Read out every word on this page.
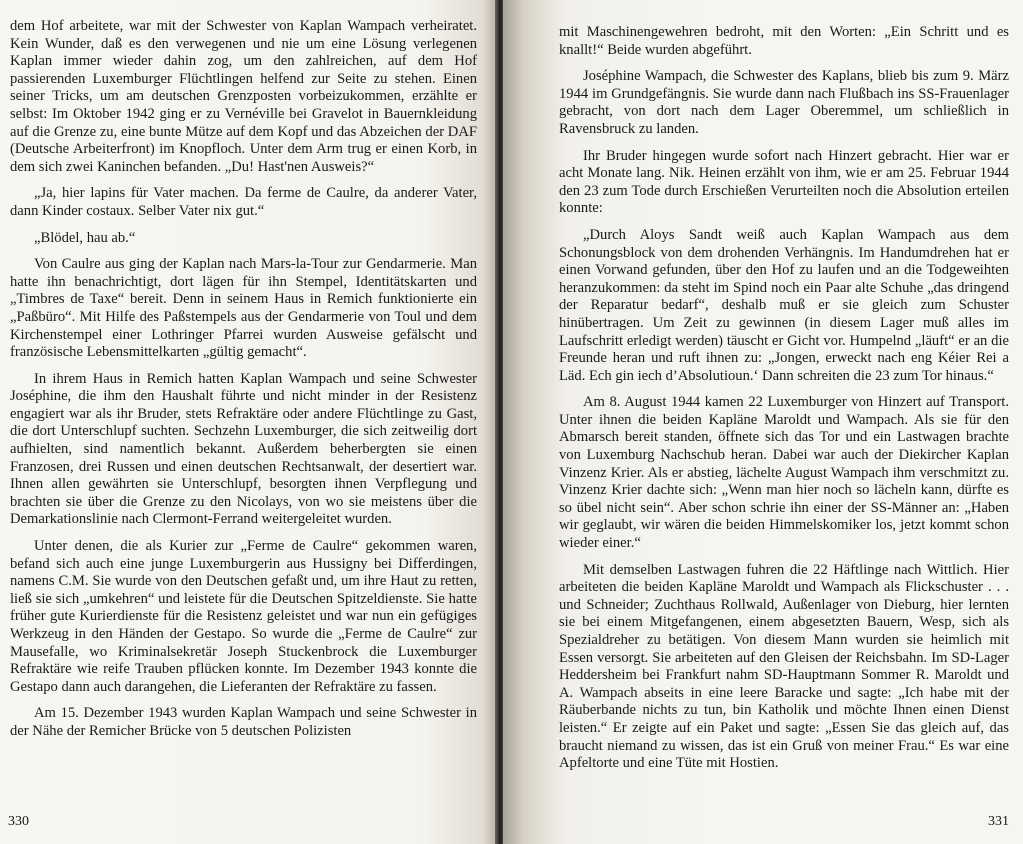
dem Hof arbeitete, war mit der Schwester von Kaplan Wampach verheiratet. Kein Wunder, daß es den verwegenen und nie um eine Lösung verlegenen Kaplan immer wieder dahin zog, um den zahlreichen, auf dem Hof passierenden Luxemburger Flüchtlingen helfend zur Seite zu stehen. Einen seiner Tricks, um am deutschen Grenzposten vorbeizukommen, erzählte er selbst: Im Oktober 1942 ging er zu Vernéville bei Gravelot in Bauernkleidung auf die Grenze zu, eine bunte Mütze auf dem Kopf und das Abzeichen der DAF (Deutsche Arbeiterfront) im Knopfloch. Unter dem Arm trug er einen Korb, in dem sich zwei Kaninchen befanden. „Du! Hast'nen Ausweis?“

„Ja, hier lapins für Vater machen. Da ferme de Caulre, da anderer Vater, dann Kinder costaux. Selber Vater nix gut.“

„Blödel, hau ab.“

Von Caulre aus ging der Kaplan nach Mars-la-Tour zur Gendarmerie. Man hatte ihn benachrichtigt, dort lägen für ihn Stempel, Identitätskarten und „Timbres de Taxe“ bereit. Denn in seinem Haus in Remich funktionierte ein „Paßbüro“. Mit Hilfe des Paßstempels aus der Gendarmerie von Toul und dem Kirchenstempel einer Lothringer Pfarrei wurden Ausweise gefälscht und französische Lebensmittelkarten „gültig gemacht“.

In ihrem Haus in Remich hatten Kaplan Wampach und seine Schwester Joséphine, die ihm den Haushalt führte und nicht minder in der Resistenz engagiert war als ihr Bruder, stets Refraktäre oder andere Flüchtlinge zu Gast, die dort Unterschlupf suchten. Sechzehn Luxemburger, die sich zeitweilig dort aufhielten, sind namentlich bekannt. Außerdem beherbergten sie einen Franzosen, drei Russen und einen deutschen Rechtsanwalt, der desertiert war. Ihnen allen gewährten sie Unterschlupf, besorgten ihnen Verpflegung und brachten sie über die Grenze zu den Nicolays, von wo sie meistens über die Demarkationslinie nach Clermont-Ferrand weitergeleitet wurden.

Unter denen, die als Kurier zur „Ferme de Caulre“ gekommen waren, befand sich auch eine junge Luxemburgerin aus Hussigny bei Differdingen, namens C.M. Sie wurde von den Deutschen gefaßt und, um ihre Haut zu retten, ließ sie sich „umkehren“ und leistete für die Deutschen Spitzeldienste. Sie hatte früher gute Kurierdienste für die Resistenz geleistet und war nun ein gefügiges Werkzeug in den Händen der Gestapo. So wurde die „Ferme de Caulre“ zur Mausefalle, wo Kriminalsekretär Joseph Stuckenbrock die Luxemburger Refraktäre wie reife Trauben pflücken konnte. Im Dezember 1943 konnte die Gestapo dann auch darangehen, die Lieferanten der Refraktäre zu fassen.

Am 15. Dezember 1943 wurden Kaplan Wampach und seine Schwester in der Nähe der Remicher Brücke von 5 deutschen Polizisten

330

mit Maschinengewehren bedroht, mit den Worten: „Ein Schritt und es knallt!“ Beide wurden abgeführt.

Joséphine Wampach, die Schwester des Kaplans, blieb bis zum 9. März 1944 im Grundgefängnis. Sie wurde dann nach Flußbach ins SS-Frauenlager gebracht, von dort nach dem Lager Oberemmel, um schließlich in Ravensbruck zu landen.

Ihr Bruder hingegen wurde sofort nach Hinzert gebracht. Hier war er acht Monate lang. Nik. Heinen erzählt von ihm, wie er am 25. Februar 1944 den 23 zum Tode durch Erschießen Verurteilten noch die Absolution erteilen konnte:

„Durch Aloys Sandt weiß auch Kaplan Wampach aus dem Schonungsblock von dem drohenden Verhängnis. Im Handumdrehen hat er einen Vorwand gefunden, über den Hof zu laufen und an die Todgeweihten heranzukommen: da steht im Spind noch ein Paar alte Schuhe „das dringend der Reparatur bedarf“, deshalb muß er sie gleich zum Schuster hinübertragen. Um Zeit zu gewinnen (in diesem Lager muß alles im Laufschritt erledigt werden) täuscht er Gicht vor. Humpelnd „läuft“ er an die Freunde heran und ruft ihnen zu: „Jongen, erweckt nach eng Kéier Rei a Läd. Ech gin iech d’Absolutioun.‘ Dann schreiten die 23 zum Tor hinaus.“

Am 8. August 1944 kamen 22 Luxemburger von Hinzert auf Transport. Unter ihnen die beiden Kapläne Maroldt und Wampach. Als sie für den Abmarsch bereit standen, öffnete sich das Tor und ein Lastwagen brachte von Luxemburg Nachschub heran. Dabei war auch der Diekircher Kaplan Vinzenz Krier. Als er abstieg, lächelte August Wampach ihm verschmitzt zu. Vinzenz Krier dachte sich: „Wenn man hier noch so lächeln kann, dürfte es so übel nicht sein“. Aber schon schrie ihn einer der SS-Männer an: „Haben wir geglaubt, wir wären die beiden Himmelskomiker los, jetzt kommt schon wieder einer.“

Mit demselben Lastwagen fuhren die 22 Häftlinge nach Wittlich. Hier arbeiteten die beiden Kapläne Maroldt und Wampach als Flickschuster . . . und Schneider; Zuchthaus Rollwald, Außenlager von Dieburg, hier lernten sie bei einem Mitgefangenen, einem abgesetzten Bauern, Wesp, sich als Spezialdreher zu betätigen. Von diesem Mann wurden sie heimlich mit Essen versorgt. Sie arbeiteten auf den Gleisen der Reichsbahn. Im SD-Lager Heddersheim bei Frankfurt nahm SD-Hauptmann Sommer R. Maroldt und A. Wampach abseits in eine leere Baracke und sagte: „Ich habe mit der Räuberbande nichts zu tun, bin Katholik und möchte Ihnen einen Dienst leisten.“ Er zeigte auf ein Paket und sagte: „Essen Sie das gleich auf, das braucht niemand zu wissen, das ist ein Gruß von meiner Frau.“ Es war eine Apfeltorte und eine Tüte mit Hostien.

331
